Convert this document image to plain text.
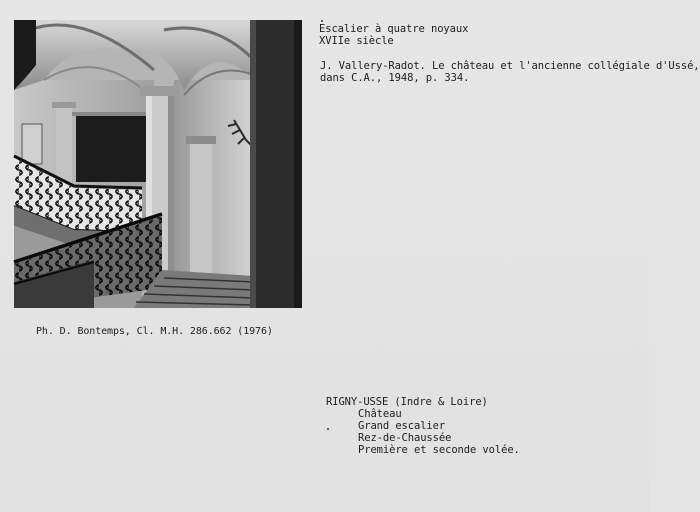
Escalier à quatre noyaux
XVIIe siècle
J. Vallery-Radot. Le château et l'ancienne collégiale d'Ussé,
dans C.A., 1948, p. 334.
Ph. D. Bontemps, Cl. M.H. 286.662 (1976)
RIGNY-USSE (Indre & Loire)
Château
Grand escalier
Rez-de-Chaussée
Première et seconde volée.
